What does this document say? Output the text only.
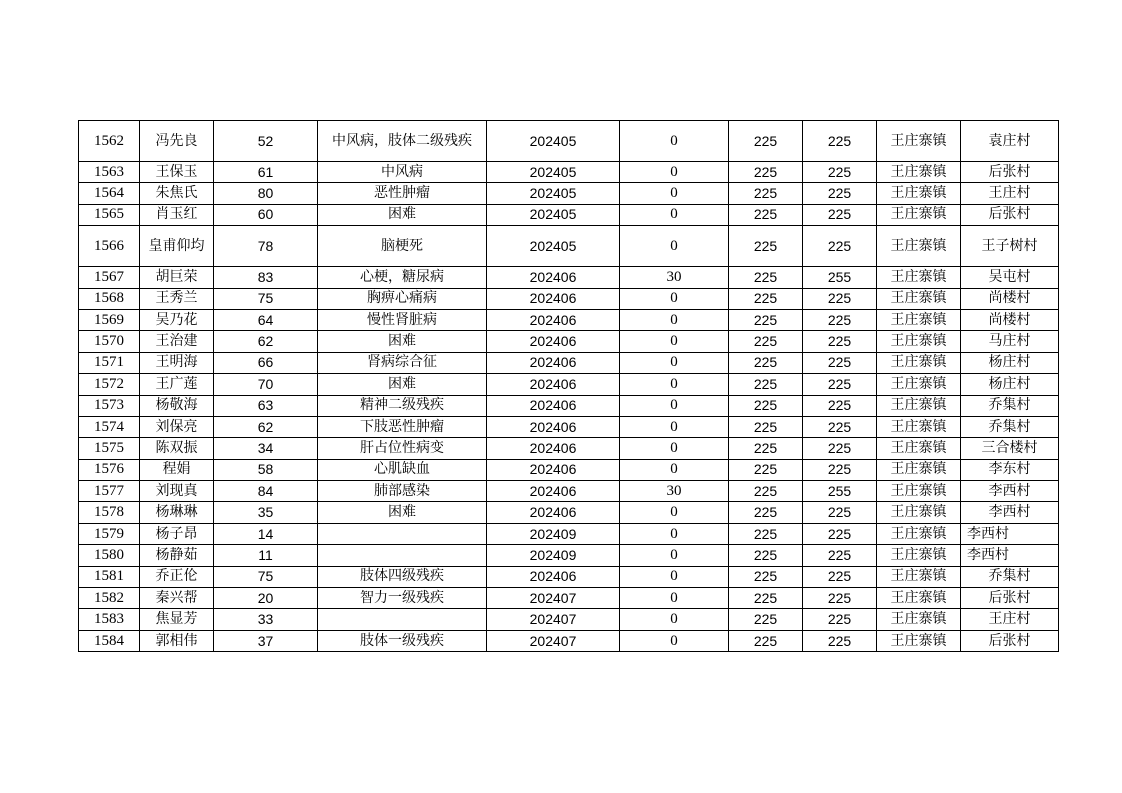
1562	冯先良	52	中风病，肢体二级残疾	202405	0	225	225	王庄寨镇	袁庄村
1563	王保玉	61	中风病	202405	0	225	225	王庄寨镇	后张村
1564	朱焦氏	80	恶性肿瘤	202405	0	225	225	王庄寨镇	王庄村
1565	肖玉红	60	困难	202405	0	225	225	王庄寨镇	后张村
1566	皇甫仰均	78	脑梗死	202405	0	225	225	王庄寨镇	王子树村
1567	胡巨荣	83	心梗，糖尿病	202406	30	225	255	王庄寨镇	吴屯村
1568	王秀兰	75	胸痹心痛病	202406	0	225	225	王庄寨镇	尚楼村
1569	吴乃花	64	慢性肾脏病	202406	0	225	225	王庄寨镇	尚楼村
1570	王治建	62	困难	202406	0	225	225	王庄寨镇	马庄村
1571	王明海	66	肾病综合征	202406	0	225	225	王庄寨镇	杨庄村
1572	王广莲	70	困难	202406	0	225	225	王庄寨镇	杨庄村
1573	杨敬海	63	精神二级残疾	202406	0	225	225	王庄寨镇	乔集村
1574	刘保亮	62	下肢恶性肿瘤	202406	0	225	225	王庄寨镇	乔集村
1575	陈双振	34	肝占位性病变	202406	0	225	225	王庄寨镇	三合楼村
1576	程娟	58	心肌缺血	202406	0	225	225	王庄寨镇	李东村
1577	刘现真	84	肺部感染	202406	30	225	255	王庄寨镇	李西村
1578	杨琳琳	35	困难	202406	0	225	225	王庄寨镇	李西村
1579	杨子昂	14		202409	0	225	225	王庄寨镇	李西村
1580	杨静茹	11		202409	0	225	225	王庄寨镇	李西村
1581	乔正伦	75	肢体四级残疾	202406	0	225	225	王庄寨镇	乔集村
1582	秦兴帮	20	智力一级残疾	202407	0	225	225	王庄寨镇	后张村
1583	焦显芳	33		202407	0	225	225	王庄寨镇	王庄村
1584	郭相伟	37	肢体一级残疾	202407	0	225	225	王庄寨镇	后张村
